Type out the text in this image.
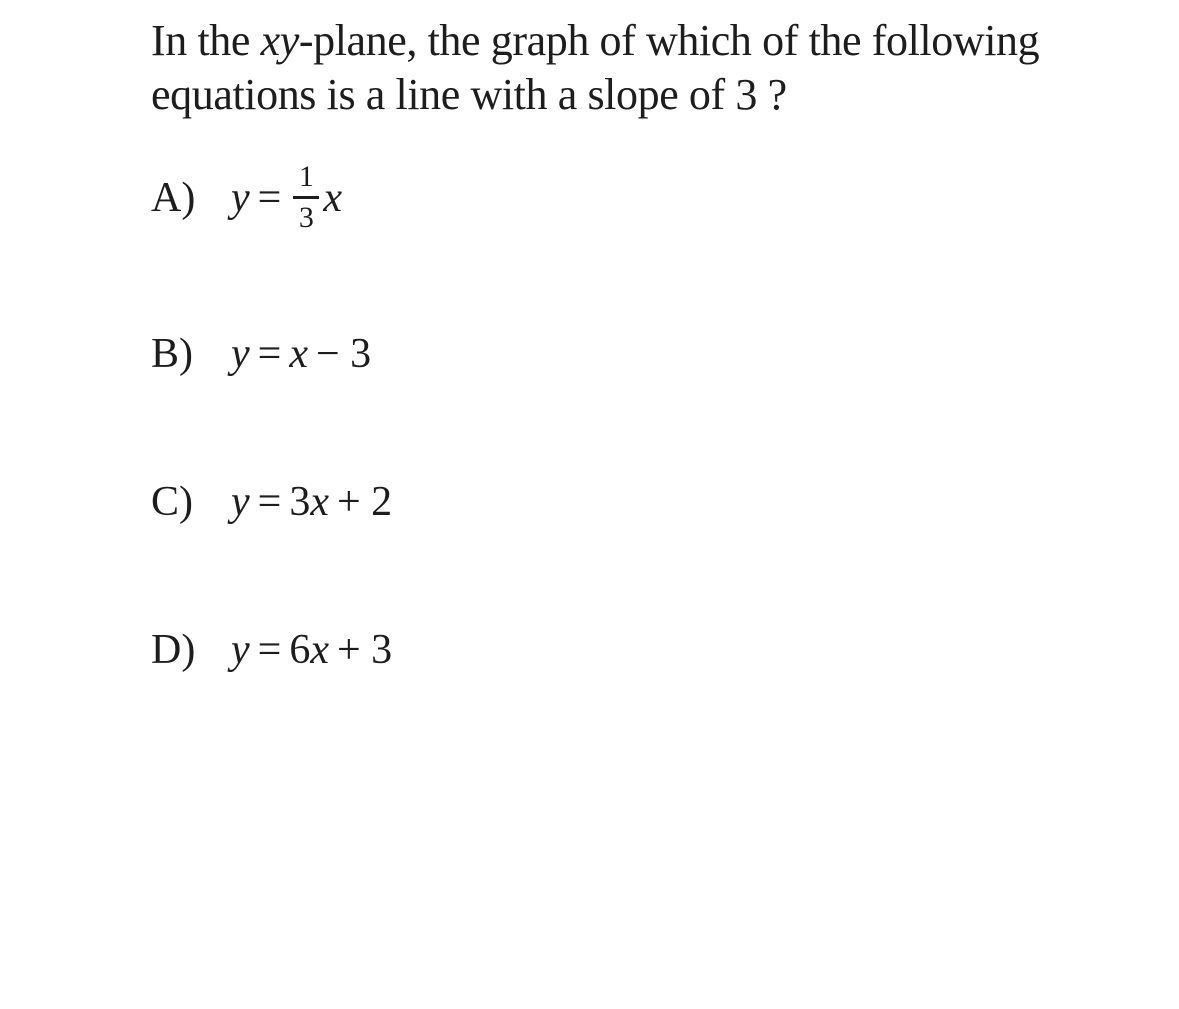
In the xy-plane, the graph of which of the following equations is a line with a slope of 3 ?
A) $y = \frac{1}{3}$ x
B) y = x − 3
C) y = 3 x + 2
D) y = 6 x + 3
